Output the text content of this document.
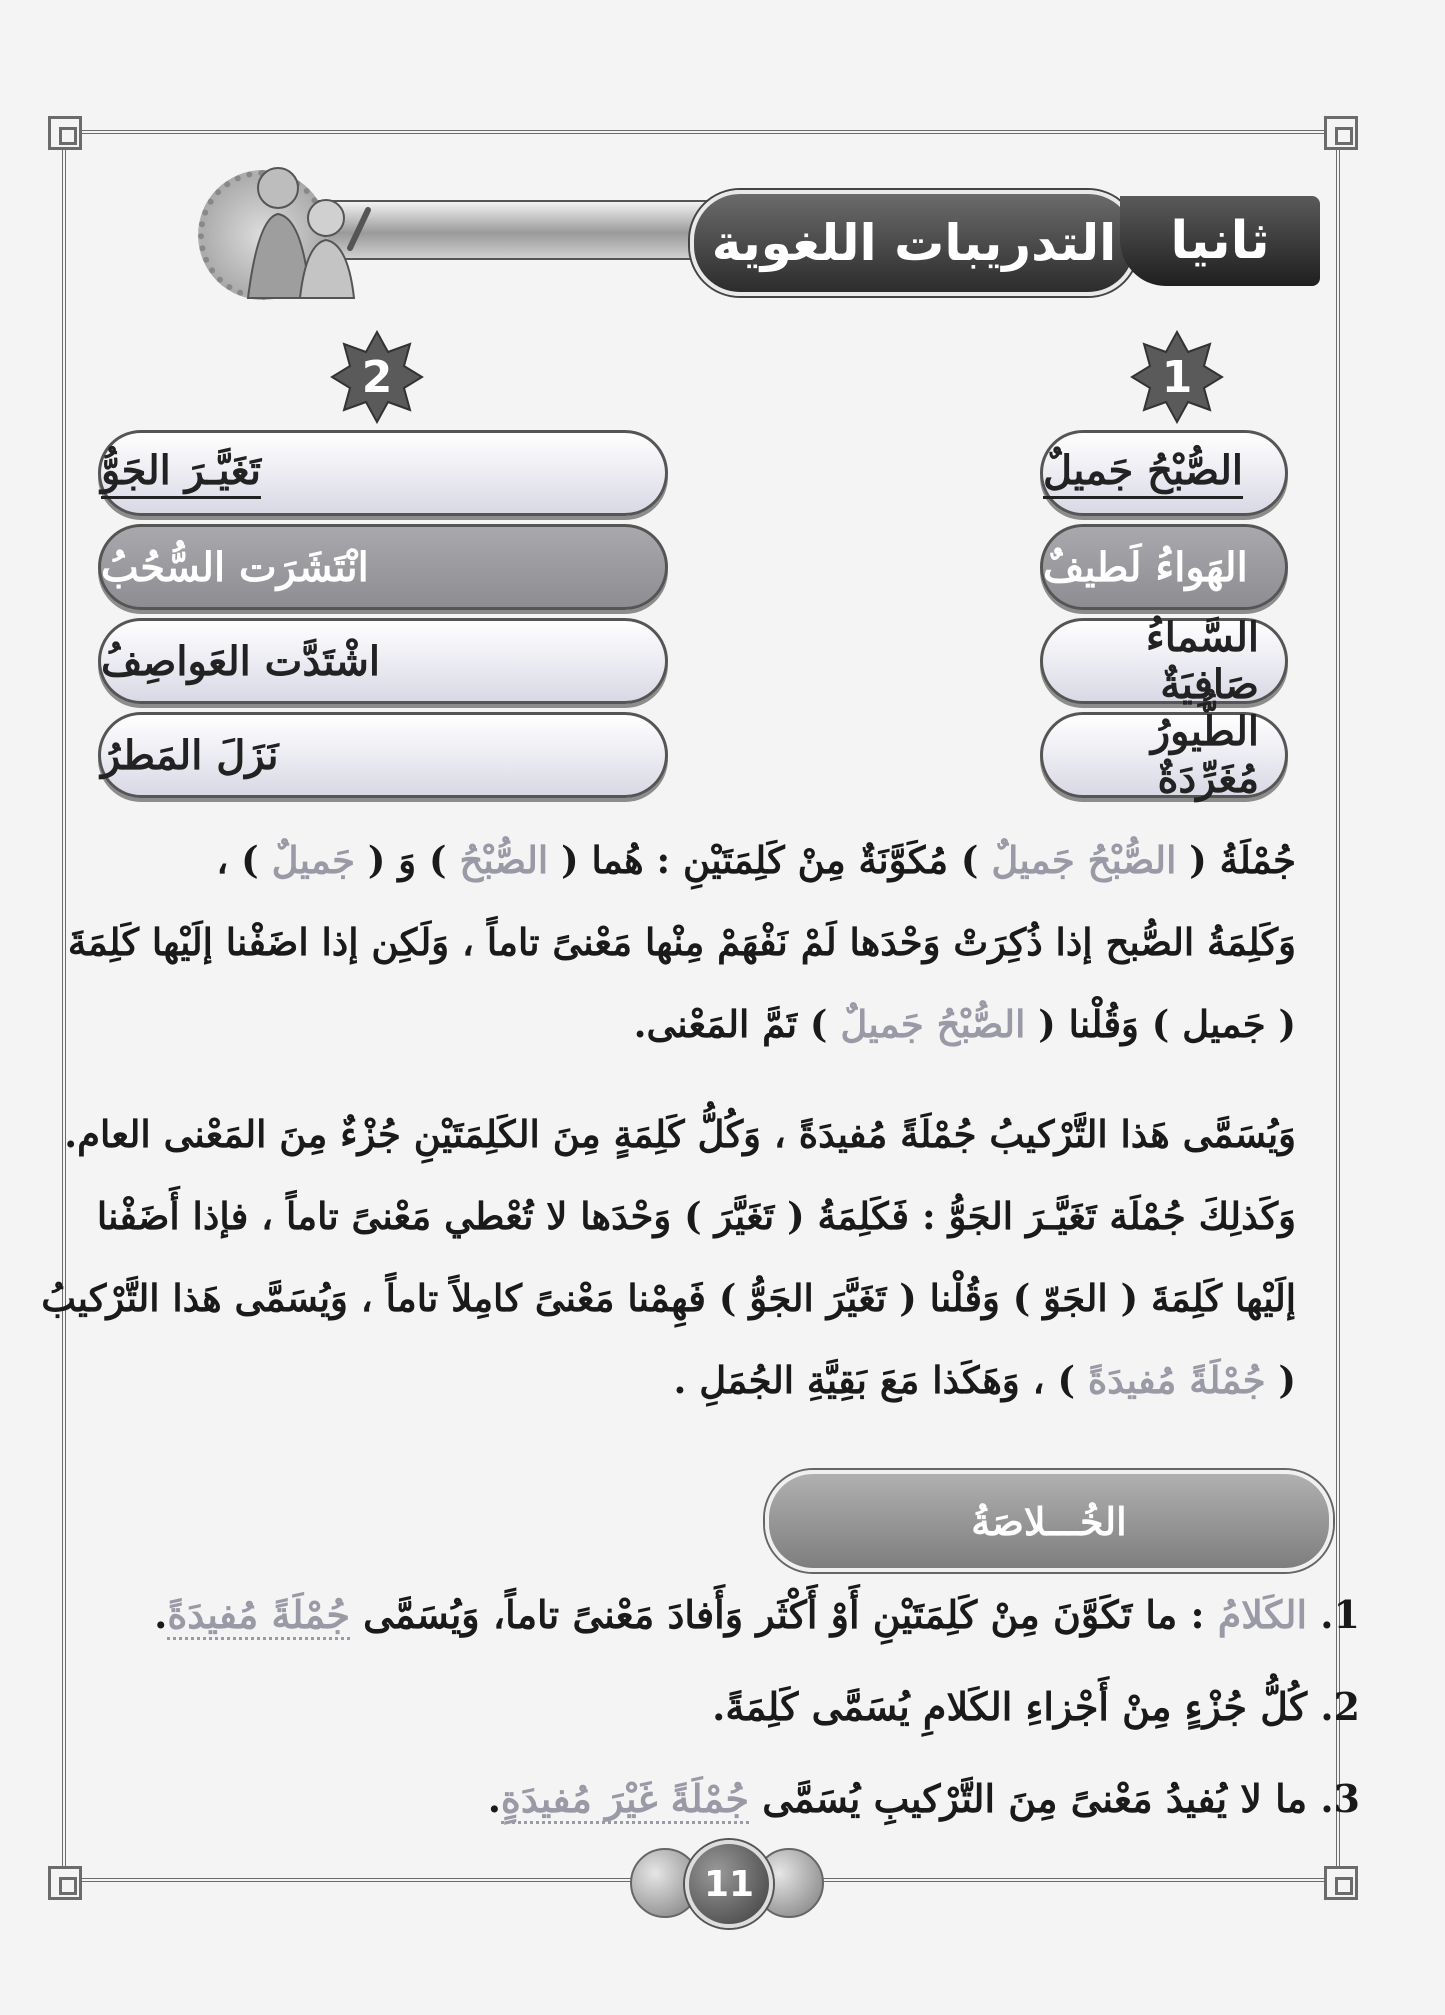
التدريبات اللغوية	ثانيا
1
2
الصُّبْحُ جَميلٌ
الهَواءُ لَطيفٌ
السَّماءُ صَافِيَةٌ
الطُّيورُ مُغَرِّدَةٌ
تَغَيَّـرَ الجَوُّ
انْتَشَرَت السُّحُبُ
اشْتَدَّت العَواصِفُ
نَزَلَ المَطرُ
جُمْلَةُ ( الصُّبْحُ جَميلٌ ) مُكَوَّنَةٌ مِنْ كَلِمَتَيْنِ : هُما ( الصُّبْحُ ) وَ ( جَميلٌ ) ،
وَكَلِمَةُ الصُّبح إذا ذُكِرَتْ وَحْدَها لَمْ نَفْهَمْ مِنْها مَعْنىً تاماً ، وَلَكِن إذا اضَفْنا إلَيْها كَلِمَةَ
( جَميل ) وَقُلْنا ( الصُّبْحُ جَميلٌ ) تَمَّ المَعْنى.
وَيُسَمَّى هَذا التَّرْكيبُ جُمْلَةً مُفيدَةً ، وَكُلُّ كَلِمَةٍ مِنَ الكَلِمَتَيْنِ جُزْءٌ مِنَ المَعْنى العام.
وَكَذلِكَ جُمْلَة تَغَيَّـرَ الجَوُّ : فَكَلِمَةُ ( تَغَيَّرَ ) وَحْدَها لا تُعْطي مَعْنىً تاماً ، فإذا أَضَفْنا
إلَيْها كَلِمَةَ ( الجَوّ ) وَقُلْنا ( تَغَيَّرَ الجَوُّ ) فَهِمْنا مَعْنىً كامِلاً تاماً ، وَيُسَمَّى هَذا التَّرْكيبُ
( جُمْلَةً مُفيدَةً ) ، وَهَكَذا مَعَ بَقِيَّةِ الجُمَلِ .
الخُـــلاصَةُ
1. الكَلامُ : ما تَكَوَّنَ مِنْ كَلِمَتَيْنِ أَوْ أَكْثَر وَأَفادَ مَعْنىً تاماً، وَيُسَمَّى جُمْلَةً مُفيدَةً.
2. كُلُّ جُزْءٍ مِنْ أَجْزاءِ الكَلامِ يُسَمَّى كَلِمَةً.
3. ما لا يُفيدُ مَعْنىً مِنَ التَّرْكيبِ يُسَمَّى جُمْلَةً غَيْرَ مُفيدَةٍ.
11
